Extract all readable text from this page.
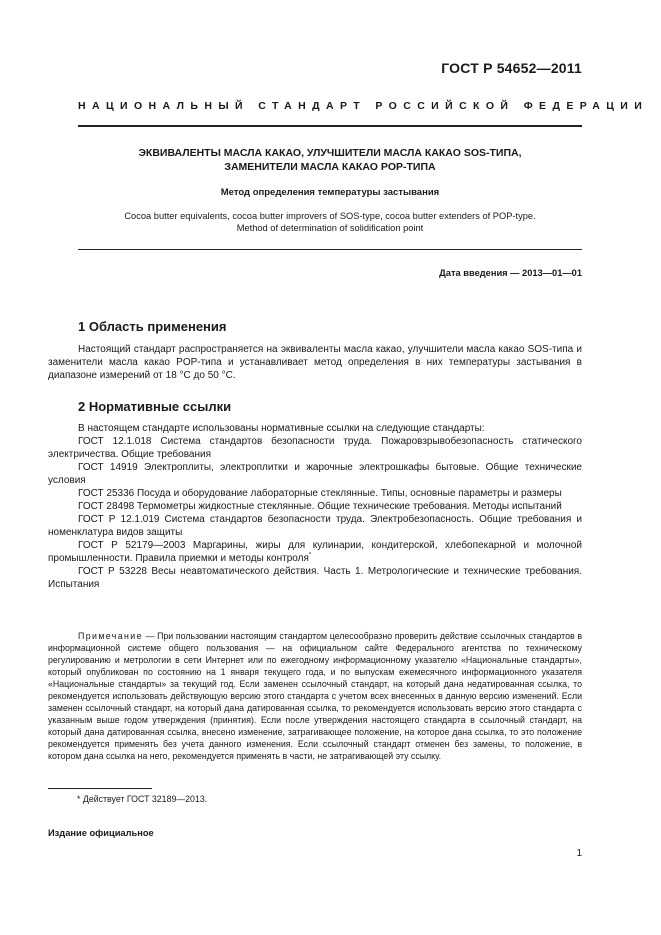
ГОСТ Р 54652—2011
НАЦИОНАЛЬНЫЙ СТАНДАРТ РОССИЙСКОЙ ФЕДЕРАЦИИ
ЭКВИВАЛЕНТЫ МАСЛА КАКАО, УЛУЧШИТЕЛИ МАСЛА КАКАО SOS-ТИПА,
ЗАМЕНИТЕЛИ МАСЛА КАКАО POP-ТИПА
Метод определения температуры застывания
Cocoa butter equivalents, cocoa butter improvers of SOS-type, cocoa butter extenders of POP-type.
Method of determination of solidification point
Дата введения — 2013—01—01
1 Область применения
Настоящий стандарт распространяется на эквиваленты масла какао, улучшители масла какао SOS-типа и заменители масла какао POP-типа и устанавливает метод определения в них температуры застывания в диапазоне измерений от 18 °С до 50 °С.
2 Нормативные ссылки

В настоящем стандарте использованы нормативные ссылки на следующие стандарты:

ГОСТ 12.1.018 Система стандартов безопасности труда. Пожаровзрывобезопасность статического электричества. Общие требования

ГОСТ 14919 Электроплиты, электроплитки и жарочные электрошкафы бытовые. Общие технические условия

ГОСТ 25336 Посуда и оборудование лабораторные стеклянные. Типы, основные параметры и размеры

ГОСТ 28498 Термометры жидкостные стеклянные. Общие технические требования. Методы испытаний

ГОСТ Р 12.1.019 Система стандартов безопасности труда. Электробезопасность. Общие требования и номенклатура видов защиты

ГОСТ Р 52179—2003 Маргарины, жиры для кулинарии, кондитерской, хлебопекарной и молочной промышленности. Правила приемки и методы контроля*

ГОСТ Р 53228 Весы неавтоматического действия. Часть 1. Метрологические и технические требования. Испытания

Примечание — При пользовании настоящим стандартом целесообразно проверить действие ссылочных стандартов в информационной системе общего пользования — на официальном сайте Федерального агентства по техническому регулированию и метрологии в сети Интернет или по ежегодному информационному указателю «Национальные стандарты», который опубликован по состоянию на 1 января текущего года, и по выпускам ежемесячного информационного указателя «Национальные стандарты» за текущий год. Если заменен ссылочный стандарт, на который дана недатированная ссылка, то рекомендуется использовать действующую версию этого стандарта с учетом всех внесенных в данную версию изменений. Если заменен ссылочный стандарт, на который дана датированная ссылка, то рекомендуется использовать версию этого стандарта с указанным выше годом утверждения (принятия). Если после утверждения настоящего стандарта в ссылочный стандарт, на который дана датированная ссылка, внесено изменение, затрагивающее положение, на которое дана ссылка, то это положение рекомендуется применять без учета данного изменения. Если ссылочный стандарт отменен без замены, то положение, в котором дана ссылка на него, рекомендуется применять в части, не затрагивающей эту ссылку.
* Действует ГОСТ 32189—2013.
Издание официальное
1
